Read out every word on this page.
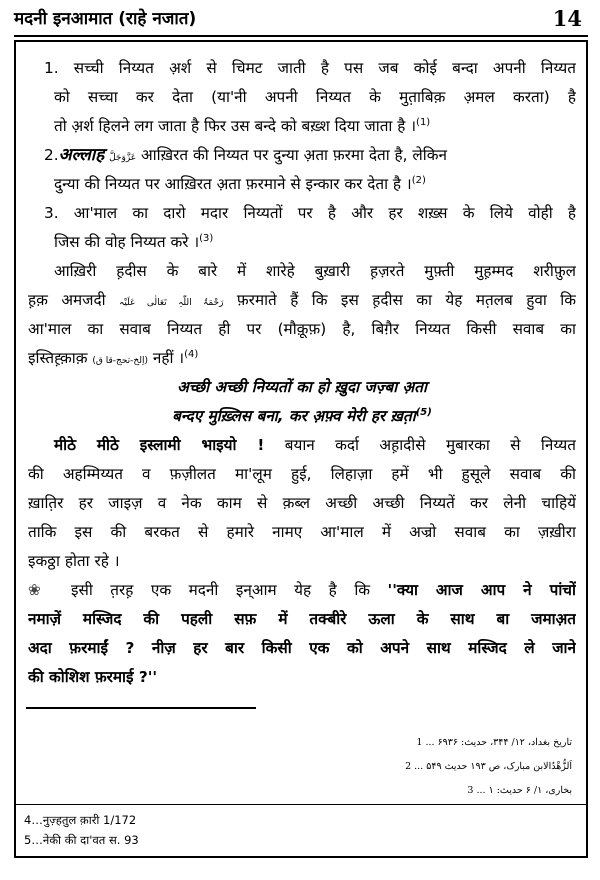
मदनी इनआमात (राहे नजात)	14
1. सच्ची निय्यत अ़र्श से चिमट जाती है पस जब कोई बन्दा अपनी निय्यत
को सच्चा कर देता (या'नी अपनी निय्यत के मुत़ाबिक़ अ़मल करता) है
तो अ़र्श हिलने लग जाता है फिर उस बन्दे को बख़्श दिया जाता है ।$^{(1)}$
2.अल्लाह عَزَّوَجَلَّ आख़िरत की निय्यत पर दुन्या अ़ता फ़रमा देता है, लेकिन
दुन्या की निय्यत पर आख़िरत अ़ता फ़रमाने से इन्कार कर देता है ।$^{(2)}$
3. आ'माल का दारो मदार निय्यतों पर है और हर शख़्स के लिये वोही है
जिस की वोह निय्यत करे ।$^{(3)}$
आख़िरी ह़दीस के बारे में शारेहे बुख़ारी ह़ज़रते मुफ़्ती मुह़म्मद शरीफ़ुल
ह़क़ अमजदी رَحْمَۃُ اللّٰہِ تَعَالٰی عَلَیْہ फ़रमाते हैं कि इस ह़दीस का येह मत़लब हुवा कि
आ'माल का सवाब निय्यत ही पर (मौक़ूफ़) है, बिग़ैर निय्यत किसी सवाब का
इस्तिह़्क़ाक़ (اِلخ-تحج-قا ق) नहीं ।$^{(4)}$
अच्छी अच्छी निय्यतों का हो ख़ुदा जज़्बा अ़ता
बन्दए मुख़्लिस बना, कर अ़फ़्व मेरी हर ख़त़ा$^{(5)}$
मीठे मीठे इस्लामी भाइयो ! बयान कर्दा अह़ादीसे मुबारका से निय्यत
की अहम्मिय्यत व फ़ज़ीलत मा'लूम हुई, लिहाज़ा हमें भी ह़ुसूले सवाब की
ख़ात़िर हर जाइज़ व नेक काम से क़ब्ल अच्छी अच्छी निय्यतें कर लेनी चाहियें
ताकि इस की बरकत से हमारे नामए आ'माल में अज्रो सवाब का ज़ख़ीरा
इकठ्ठा होता रहे ।
❀ इसी त़रह़ एक मदनी इन्आम येह है कि ''क्या आज आप ने पांचों
नमाज़ें मस्जिद की पहली सफ़ में तक्बीरे ऊला के साथ बा जमाअ़त
अदा फ़रमाईं ? नीज़ हर बार किसी एक को अपने साथ मस्जिद ले जाने
की कोशिश फ़रमाई ?''
1 ... تاریخ بغداد، ۱۲/ ۳۴۴، حدیث: ۶۹۳۶
2 ... اَلزُّھْدُالابن مبارک، ص ۱۹۳ حدیث ۵۴۹
3 ... بخاری، ۱/ ۶ حدیث: ۱
4…नुज़्हतुल क़ारी 1/172
5…नेकी की दा'वत स. 93
